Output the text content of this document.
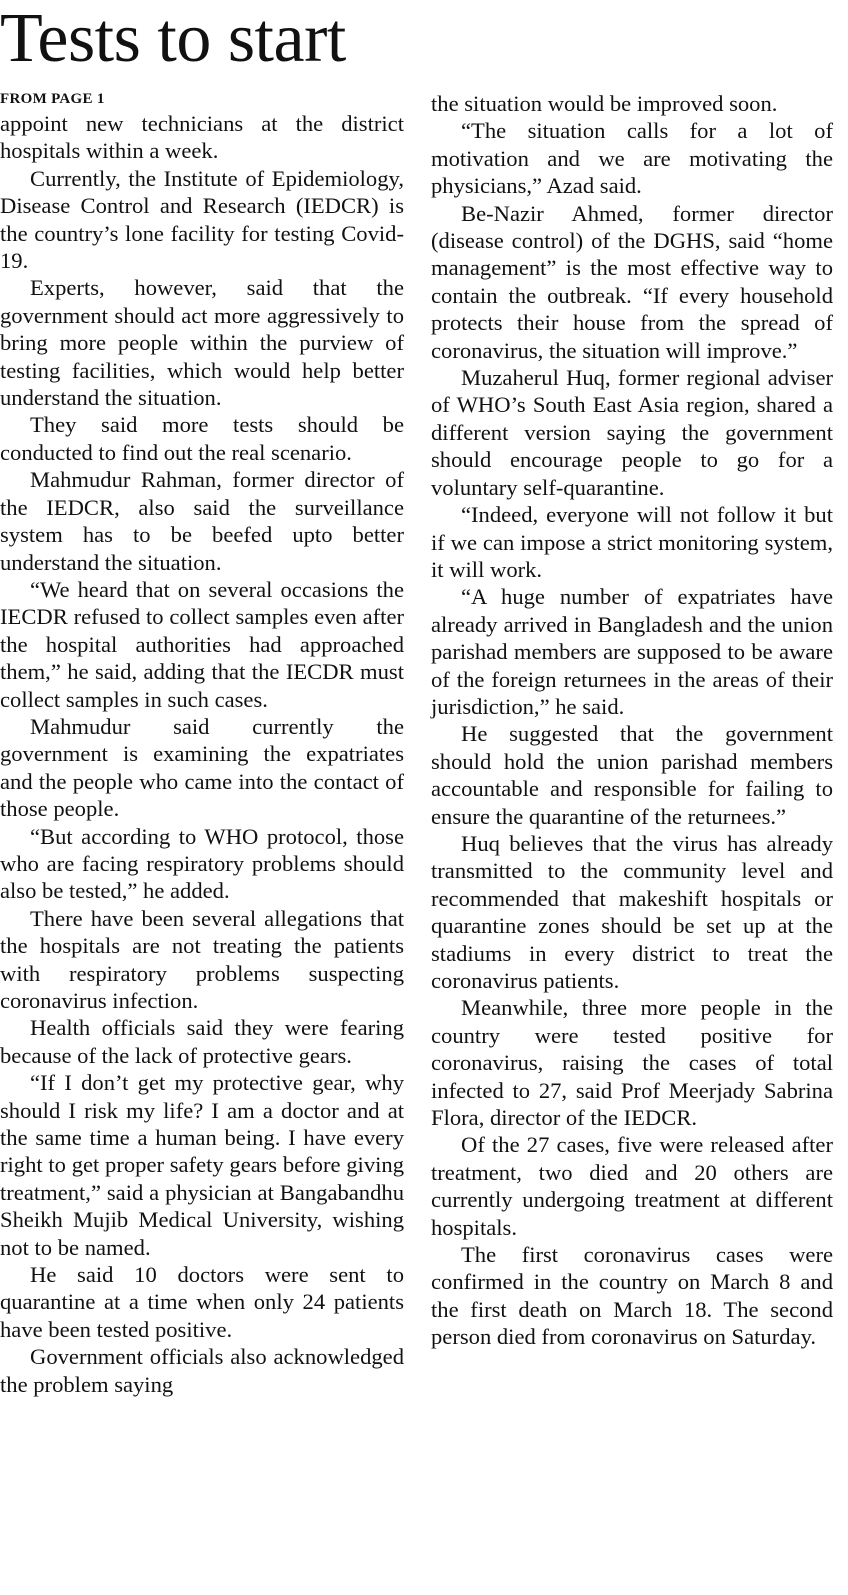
Tests to start
FROM PAGE 1

appoint new technicians at the district hospitals within a week.

Currently, the Institute of Epidemiology, Disease Control and Research (IEDCR) is the country’s lone facility for testing Covid-19.

Experts, however, said that the government should act more aggressively to bring more people within the purview of testing facilities, which would help better understand the situation.

They said more tests should be conducted to find out the real scenario.

Mahmudur Rahman, former director of the IEDCR, also said the surveillance system has to be beefed upto better understand the situation.

“We heard that on several occasions the IECDR refused to collect samples even after the hospital authorities had approached them,” he said, adding that the IECDR must collect samples in such cases.

Mahmudur said currently the government is examining the expatriates and the people who came into the contact of those people.

“But according to WHO protocol, those who are facing respiratory problems should also be tested,” he added.

There have been several allegations that the hospitals are not treating the patients with respiratory problems suspecting coronavirus infection.

Health officials said they were fearing because of the lack of protective gears.

“If I don’t get my protective gear, why should I risk my life? I am a doctor and at the same time a human being. I have every right to get proper safety gears before giving treatment,” said a physician at Bangabandhu Sheikh Mujib Medical University, wishing not to be named.

He said 10 doctors were sent to quarantine at a time when only 24 patients have been tested positive.

Government officials also acknowledged the problem saying

the situation would be improved soon.

“The situation calls for a lot of motivation and we are motivating the physicians,” Azad said.

Be-Nazir Ahmed, former director (disease control) of the DGHS, said “home management” is the most effective way to contain the outbreak. “If every household protects their house from the spread of coronavirus, the situation will improve.”

Muzaherul Huq, former regional adviser of WHO’s South East Asia region, shared a different version saying the government should encourage people to go for a voluntary self-quarantine.

“Indeed, everyone will not follow it but if we can impose a strict monitoring system, it will work.

“A huge number of expatriates have already arrived in Bangladesh and the union parishad members are supposed to be aware of the foreign returnees in the areas of their jurisdiction,” he said.

He suggested that the government should hold the union parishad members accountable and responsible for failing to ensure the quarantine of the returnees.”

Huq believes that the virus has already transmitted to the community level and recommended that makeshift hospitals or quarantine zones should be set up at the stadiums in every district to treat the coronavirus patients.

Meanwhile, three more people in the country were tested positive for coronavirus, raising the cases of total infected to 27, said Prof Meerjady Sabrina Flora, director of the IEDCR.

Of the 27 cases, five were released after treatment, two died and 20 others are currently undergoing treatment at different hospitals.

The first coronavirus cases were confirmed in the country on March 8 and the first death on March 18. The second person died from coronavirus on Saturday.
